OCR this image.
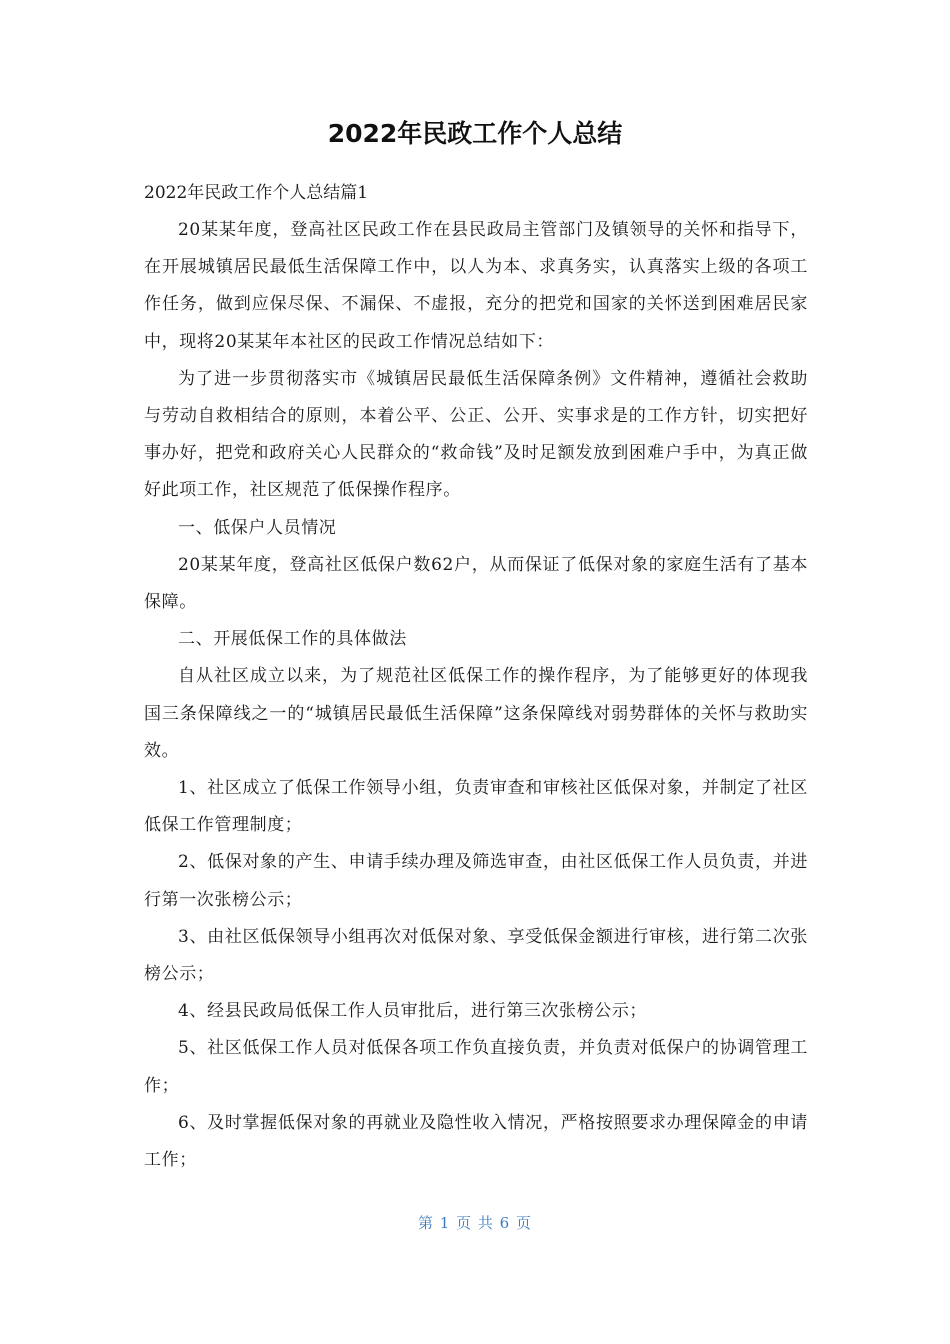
2022年民政工作个人总结

2022年民政工作个人总结篇1

20某某年度，登高社区民政工作在县民政局主管部门及镇领导的关怀和指导下，在开展城镇居民最低生活保障工作中，以人为本、求真务实，认真落实上级的各项工作任务，做到应保尽保、不漏保、不虚报，充分的把党和国家的关怀送到困难居民家中，现将20某某年本社区的民政工作情况总结如下：

为了进一步贯彻落实市《城镇居民最低生活保障条例》文件精神，遵循社会救助与劳动自救相结合的原则，本着公平、公正、公开、实事求是的工作方针，切实把好事办好，把党和政府关心人民群众的“救命钱”及时足额发放到困难户手中，为真正做好此项工作，社区规范了低保操作程序。

一、低保户人员情况

20某某年度，登高社区低保户数62户，从而保证了低保对象的家庭生活有了基本保障。

二、开展低保工作的具体做法

自从社区成立以来，为了规范社区低保工作的操作程序，为了能够更好的体现我国三条保障线之一的“城镇居民最低生活保障”这条保障线对弱势群体的关怀与救助实效。

1、社区成立了低保工作领导小组，负责审查和审核社区低保对象，并制定了社区低保工作管理制度；

2、低保对象的产生、申请手续办理及筛选审查，由社区低保工作人员负责，并进行第一次张榜公示；

3、由社区低保领导小组再次对低保对象、享受低保金额进行审核，进行第二次张榜公示；

4、经县民政局低保工作人员审批后，进行第三次张榜公示；

5、社区低保工作人员对低保各项工作负直接负责，并负责对低保户的协调管理工作；

6、及时掌握低保对象的再就业及隐性收入情况，严格按照要求办理保障金的申请工作；

第 1 页 共 6 页
